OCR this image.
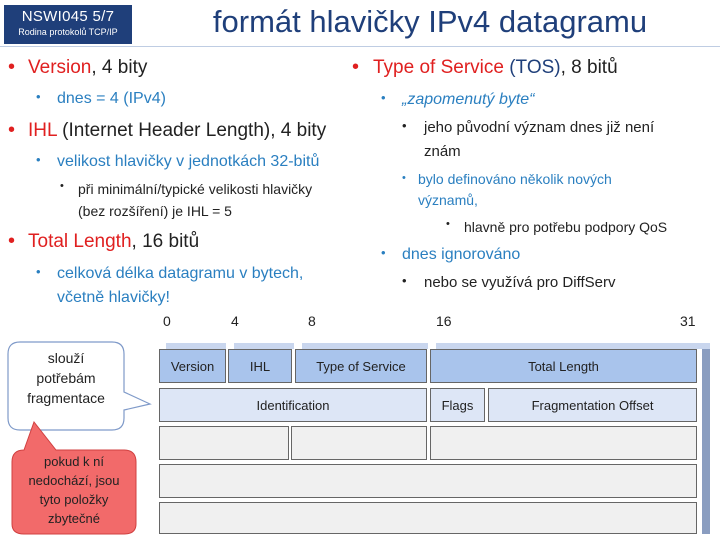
NSWI045 5/7
Rodina protokolů TCP/IP	formát hlavičky IPv4 datagramu
• Version, 4 bity
• dnes = 4 (IPv4)
• IHL (Internet Header Length), 4 bity
• velikost hlavičky v jednotkách 32-bitů
• při minimální/typické velikosti hlavičky
(bez rozšíření) je IHL = 5
• Total Length, 16 bitů
• celková délka datagramu v bytech,
včetně hlavičky!
• Type of Service (TOS), 8 bitů
• „zapomenutý byte“
• jeho původní význam dnes již není
znám
• bylo definováno několik nových
významů,
• hlavně pro potřebu podpory QoS
• dnes ignorováno
• nebo se využívá pro DiffServ
0	4	8	16	31
Version	IHL	Type of Service	Total Length
Identification	Flags	Fragmentation Offset
slouží
potřebám
fragmentace
pokud k ní
nedochází, jsou
tyto položky
zbytečné
